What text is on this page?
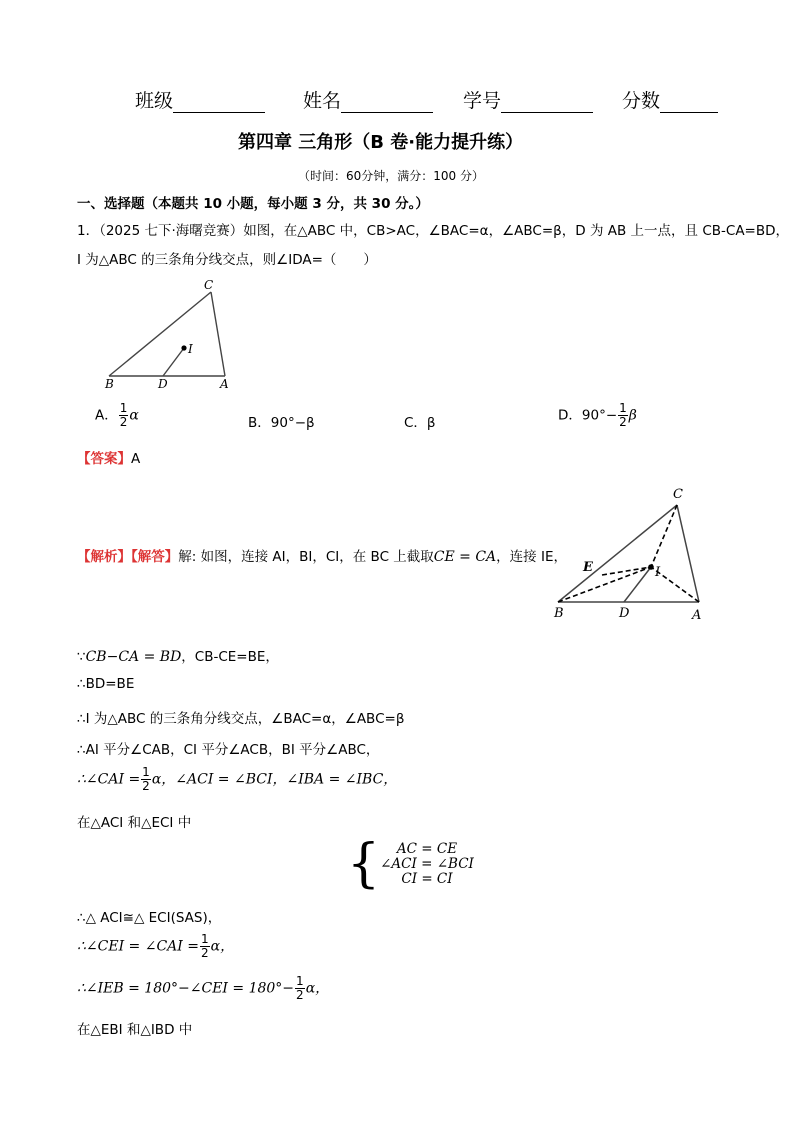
班级	姓名	学号	分数
第四章 三角形（B 卷·能力提升练）
（时间：60分钟，满分：100 分）
一、选择题（本题共 10 小题，每小题 3 分，共 30 分。）
1．（2025 七下·海曙竞赛）如图，在△ABC 中，CB>AC，∠BAC=α，∠ABC=β，D 为 AB 上一点，且 CB-CA=BD，
I 为△ABC 的三条角分线交点，则∠IDA=（　　）
C
I
B	D	A
A． $\frac{1}{2}$ α	B．90°−β	C．β	D．$90^\circ- \frac{1}{2}$ β
【答案】A
【解析】【解答】解: 如图，连接 AI，BI，CI，在 BC 上截取CE = CA，连接 IE，
C
E	I
B	D	A
∵CB−CA = BD，CB-CE=BE，
∴BD=BE
∴I 为△ABC 的三条角分线交点，∠BAC=α，∠ABC=β
∴AI 平分∠CAB，CI 平分∠ACB，BI 平分∠ABC，
∴∠CAI = $\frac{1}{2}$ α，∠ACI = ∠BCI，∠IBA = ∠IBC，
在△ACI 和△ECI 中
{	AC = CE
∠ACI = ∠BCI
CI = CI
∴△ ACI≅△ ECI(SAS)，
∴∠CEI = ∠CAI = $\frac{1}{2}$ α，
∴∠IEB = 180°−∠CEI = $180^\circ- \frac{1}{2}$ α，
在△EBI 和△IBD 中
